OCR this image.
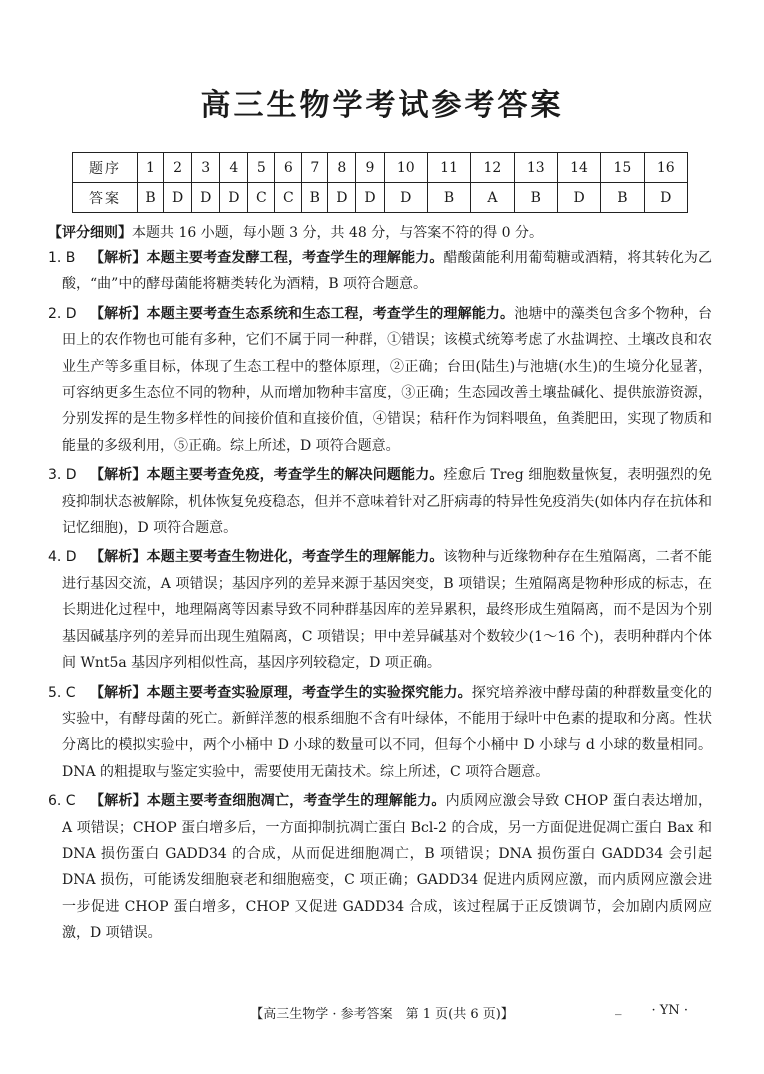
高三生物学考试参考答案
题序	1	2	3	4	5	6	7	8	9	10	11	12	13	14	15	16
答案	B	D	D	D	C	C	B	D	D	D	B	A	B	D	B	D
【评分细则】本题共 16 小题，每小题 3 分，共 48 分，与答案不符的得 0 分。
1. B	【解析】本题主要考查发酵工程，考查学生的理解能力。醋酸菌能利用葡萄糖或酒精，将其转化为乙酸，“曲”中的酵母菌能将糖类转化为酒精，B 项符合题意。
2. D 【解析】本题主要考查生态系统和生态工程，考查学生的理解能力。池塘中的藻类包含多个物种，台田上的农作物也可能有多种，它们不属于同一种群，①错误；该模式统筹考虑了水盐调控、土壤改良和农业生产等多重目标，体现了生态工程中的整体原理，②正确；台田(陆生)与池塘(水生)的生境分化显著，可容纳更多生态位不同的物种，从而增加物种丰富度，③正确；生态园改善土壤盐碱化、提供旅游资源，分别发挥的是生物多样性的间接价值和直接价值，④错误；秸秆作为饲料喂鱼，鱼粪肥田，实现了物质和能量的多级利用，⑤正确。综上所述，D 项符合题意。
3. D 【解析】本题主要考查免疫，考查学生的解决问题能力。痊愈后 Treg 细胞数量恢复，表明强烈的免疫抑制状态被解除，机体恢复免疫稳态，但并不意味着针对乙肝病毒的特异性免疫消失(如体内存在抗体和记忆细胞)，D 项符合题意。
4. D 【解析】本题主要考查生物进化，考查学生的理解能力。该物种与近缘物种存在生殖隔离，二者不能进行基因交流，A 项错误；基因序列的差异来源于基因突变，B 项错误；生殖隔离是物种形成的标志，在长期进化过程中，地理隔离等因素导致不同种群基因库的差异累积，最终形成生殖隔离，而不是因为个别基因碱基序列的差异而出现生殖隔离，C 项错误；甲中差异碱基对个数较少(1～16 个)，表明种群内个体间 Wnt5a 基因序列相似性高，基因序列较稳定，D 项正确。
5. C	【解析】本题主要考查实验原理，考查学生的实验探究能力。探究培养液中酵母菌的种群数量变化的实验中，有酵母菌的死亡。新鲜洋葱的根系细胞不含有叶绿体，不能用于绿叶中色素的提取和分离。性状分离比的模拟实验中，两个小桶中 D 小球的数量可以不同，但每个小桶中 D 小球与 d 小球的数量相同。DNA 的粗提取与鉴定实验中，需要使用无菌技术。综上所述，C 项符合题意。
6. C	【解析】本题主要考查细胞凋亡，考查学生的理解能力。内质网应激会导致 CHOP 蛋白表达增加，A 项错误；CHOP 蛋白增多后，一方面抑制抗凋亡蛋白 Bcl-2 的合成，另一方面促进促凋亡蛋白 Bax 和 DNA 损伤蛋白 GADD34 的合成，从而促进细胞凋亡，B 项错误；DNA 损伤蛋白 GADD34 会引起 DNA 损伤，可能诱发细胞衰老和细胞癌变，C 项正确；GADD34 促进内质网应激，而内质网应激会进一步促进 CHOP 蛋白增多，CHOP 又促进 GADD34 合成，该过程属于正反馈调节，会加剧内质网应激，D 项错误。
【高三生物学 · 参考答案　第 1 页(共 6 页)】	_ · YN ·
